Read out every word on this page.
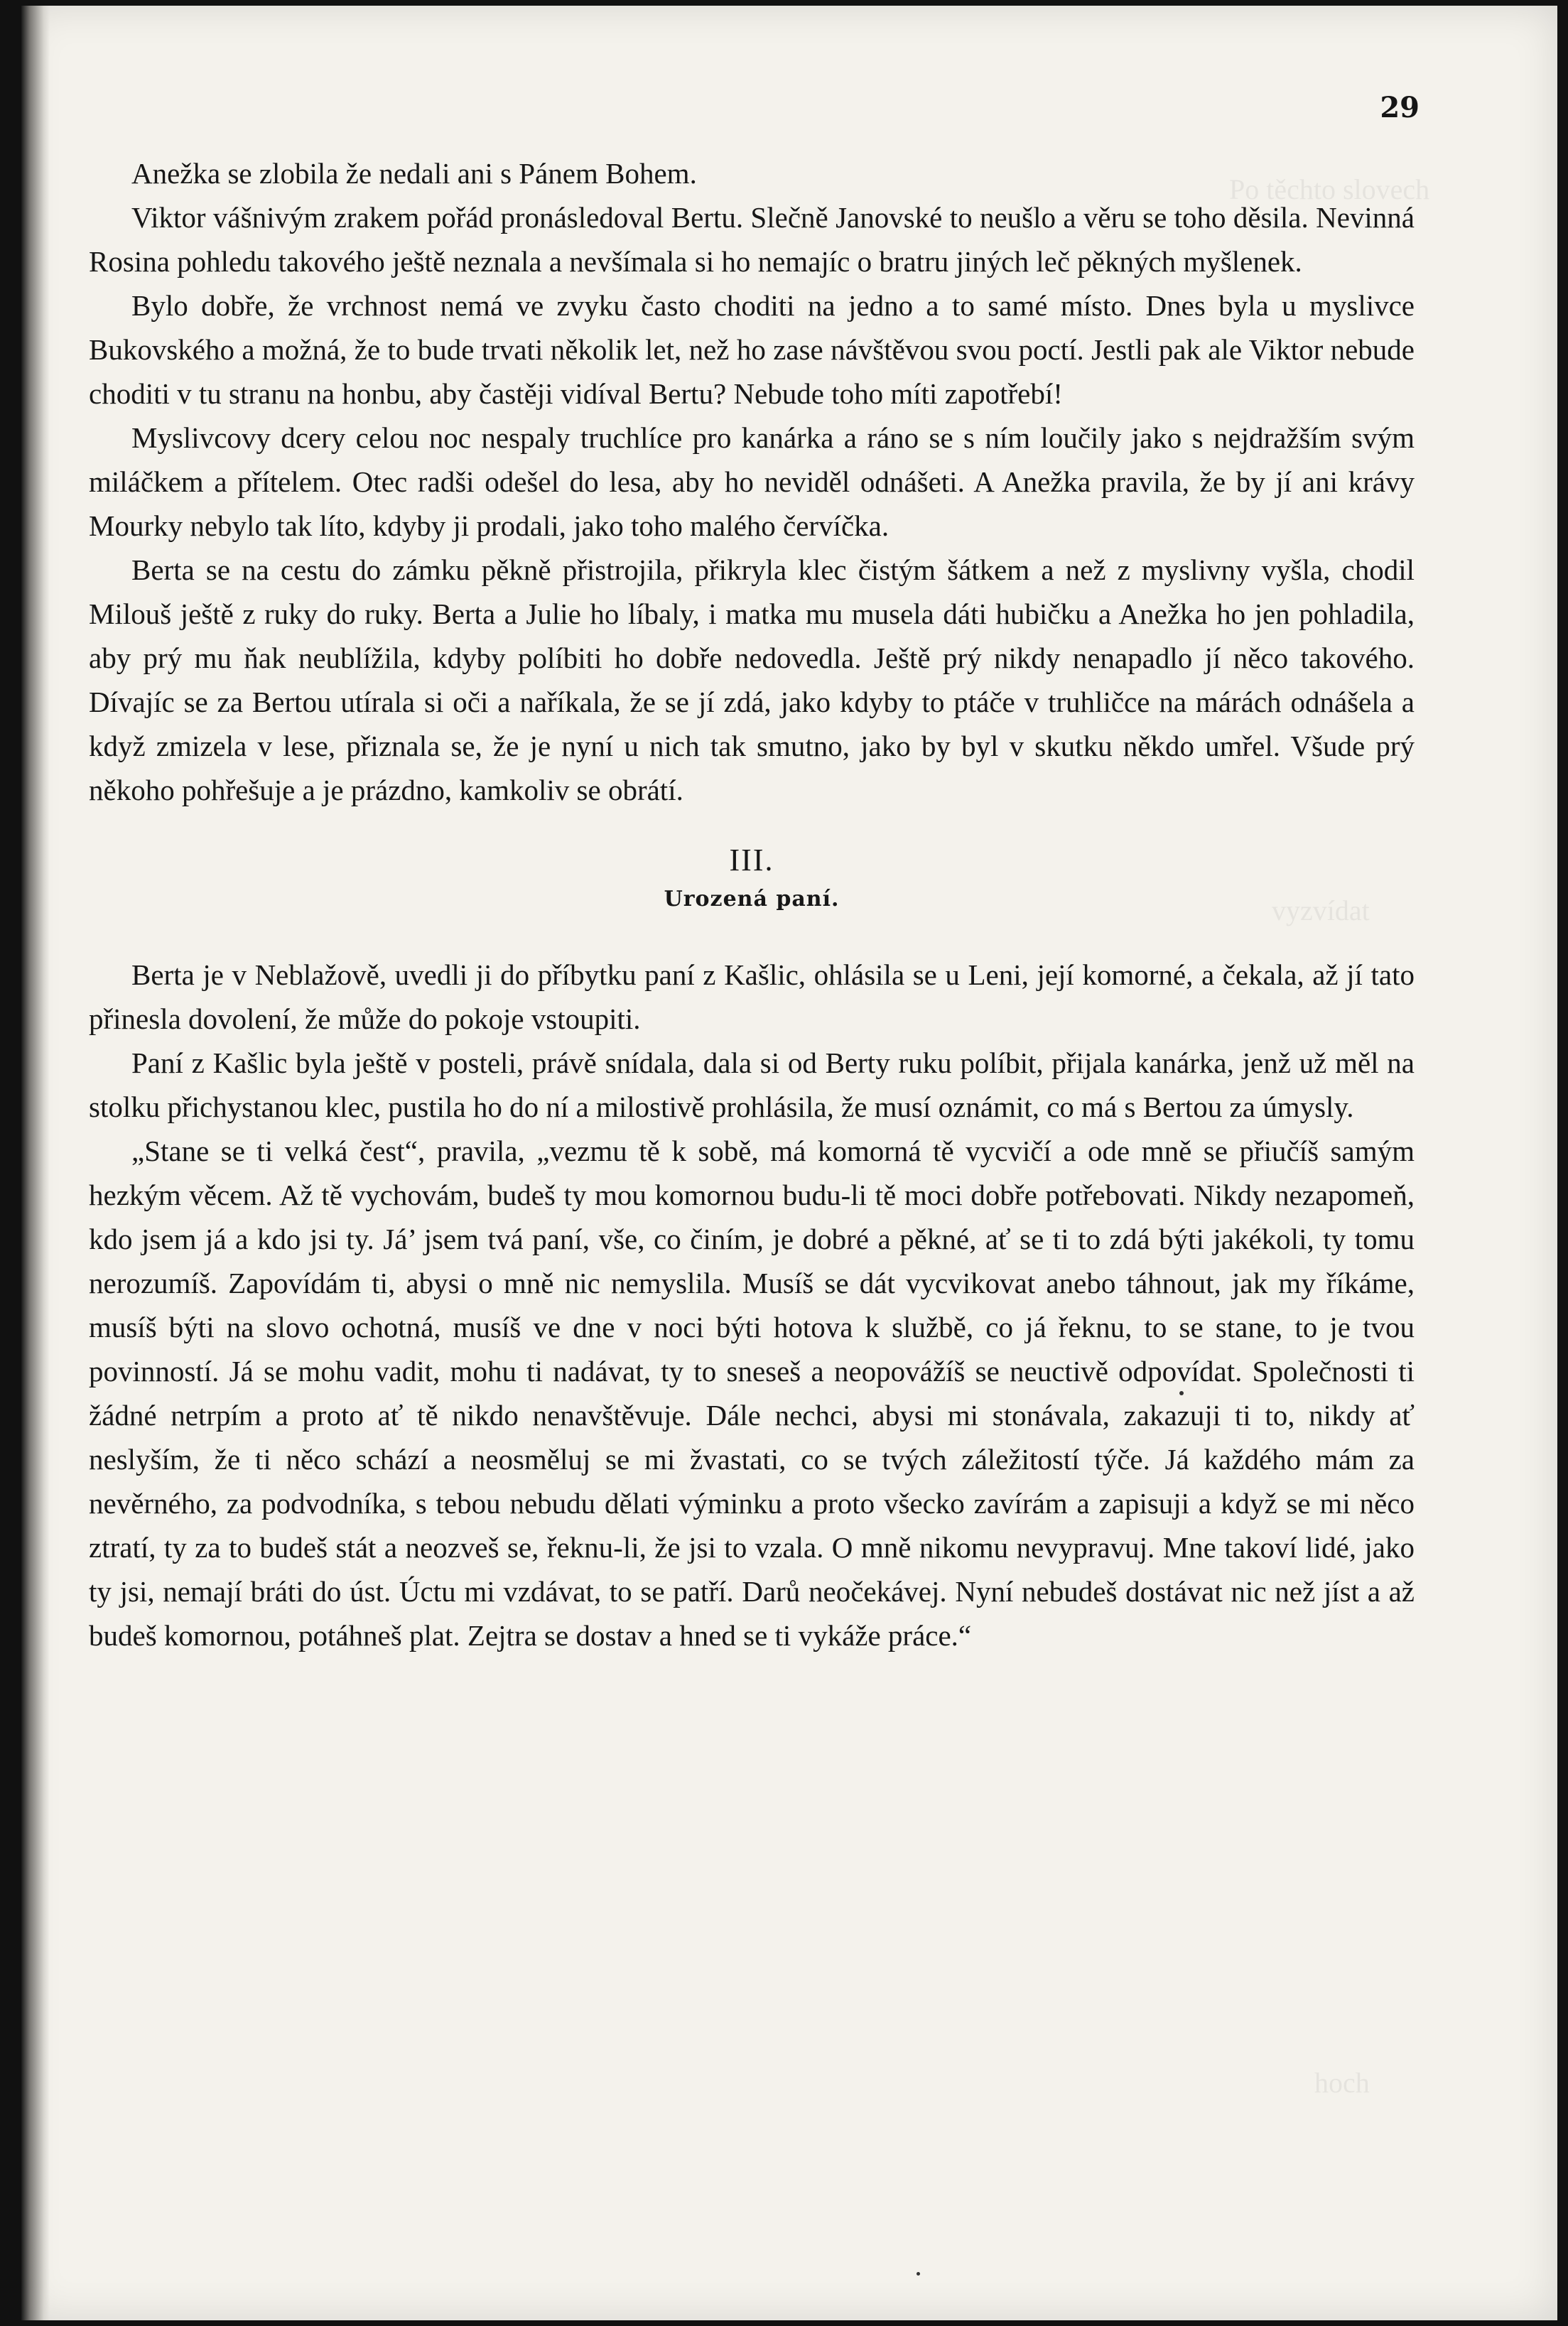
Po těchto slovech
vyzvídat
hoch
29

Anežka se zlobila že nedali ani s Pánem Bohem.

Viktor vášnivým zrakem pořád pronásledoval Bertu. Slečně Janovské to neušlo a věru se toho děsila. Nevinná Rosina pohledu takového ještě neznala a nevšímala si ho nemajíc o bratru jiných leč pěkných myšlenek.

Bylo dobře, že vrchnost nemá ve zvyku často choditi na jedno a to samé místo. Dnes byla u myslivce Bukovského a možná, že to bude trvati několik let, než ho zase návštěvou svou poctí. Jestli pak ale Viktor nebude choditi v tu stranu na honbu, aby častěji vidíval Bertu? Nebude toho míti zapotřebí!

Myslivcovy dcery celou noc nespaly truchlíce pro kanárka a ráno se s ním loučily jako s nejdražším svým miláčkem a přítelem. Otec radši odešel do lesa, aby ho neviděl odnášeti. A Anežka pravila, že by jí ani krávy Mourky nebylo tak líto, kdyby ji prodali, jako toho malého červíčka.

Berta se na cestu do zámku pěkně přistrojila, přikryla klec čistým šátkem a než z myslivny vyšla, chodil Milouš ještě z ruky do ruky. Berta a Julie ho líbaly, i matka mu musela dáti hubičku a Anežka ho jen pohladila, aby prý mu ňak neublížila, kdyby políbiti ho dobře nedovedla. Ještě prý nikdy nenapadlo jí něco takového. Dívajíc se za Bertou utírala si oči a naříkala, že se jí zdá, jako kdyby to ptáče v truhličce na márách odnášela a když zmizela v lese, přiznala se, že je nyní u nich tak smutno, jako by byl v skutku někdo umřel. Všude prý někoho pohřešuje a je prázdno, kamkoliv se obrátí.

III.
Urozená paní.

Berta je v Neblažově, uvedli ji do příbytku paní z Kašlic, ohlásila se u Leni, její komorné, a čekala, až jí tato přinesla dovolení, že může do pokoje vstoupiti.

Paní z Kašlic byla ještě v posteli, právě snídala, dala si od Berty ruku políbit, přijala kanárka, jenž už měl na stolku přichystanou klec, pustila ho do ní a milostivě prohlásila, že musí oznámit, co má s Bertou za úmysly.

„Stane se ti velká čest“, pravila, „vezmu tě k sobě, má komorná tě vycvičí a ode mně se přiučíš samým hezkým věcem. Až tě vychovám, budeš ty mou komornou budu-li tě moci dobře potřebovati. Nikdy nezapomeň, kdo jsem já a kdo jsi ty. Já’ jsem tvá paní, vše, co činím, je dobré a pěkné, ať se ti to zdá býti jakékoli, ty tomu nerozumíš. Zapovídám ti, abysi o mně nic nemyslila. Musíš se dát vycvikovat anebo táhnout, jak my říkáme, musíš býti na slovo ochotná, musíš ve dne v noci býti hotova k službě, co já řeknu, to se stane, to je tvou povinností. Já se mohu vadit, mohu ti nadávat, ty to sneseš a neopovážíš se neuctivě odpovídat. Společnosti ti žádné netrpím a proto ať tě nikdo nenavštěvuje. Dále nechci, abysi mi stonávala, zakazuji ti to, nikdy ať neslyším, že ti něco schází a neosměluj se mi žvastati, co se tvých záležitostí týče. Já každého mám za nevěrného, za podvodníka, s tebou nebudu dělati výminku a proto všecko zavírám a zapisuji a když se mi něco ztratí, ty za to budeš stát a neozveš se, řeknu-li, že jsi to vzala. O mně nikomu nevypravuj. Mne takoví lidé, jako ty jsi, nemají bráti do úst. Úctu mi vzdávat, to se patří. Darů neočekávej. Nyní nebudeš dostávat nic než jíst a až budeš komornou, potáhneš plat. Zejtra se dostav a hned se ti vykáže práce.“
